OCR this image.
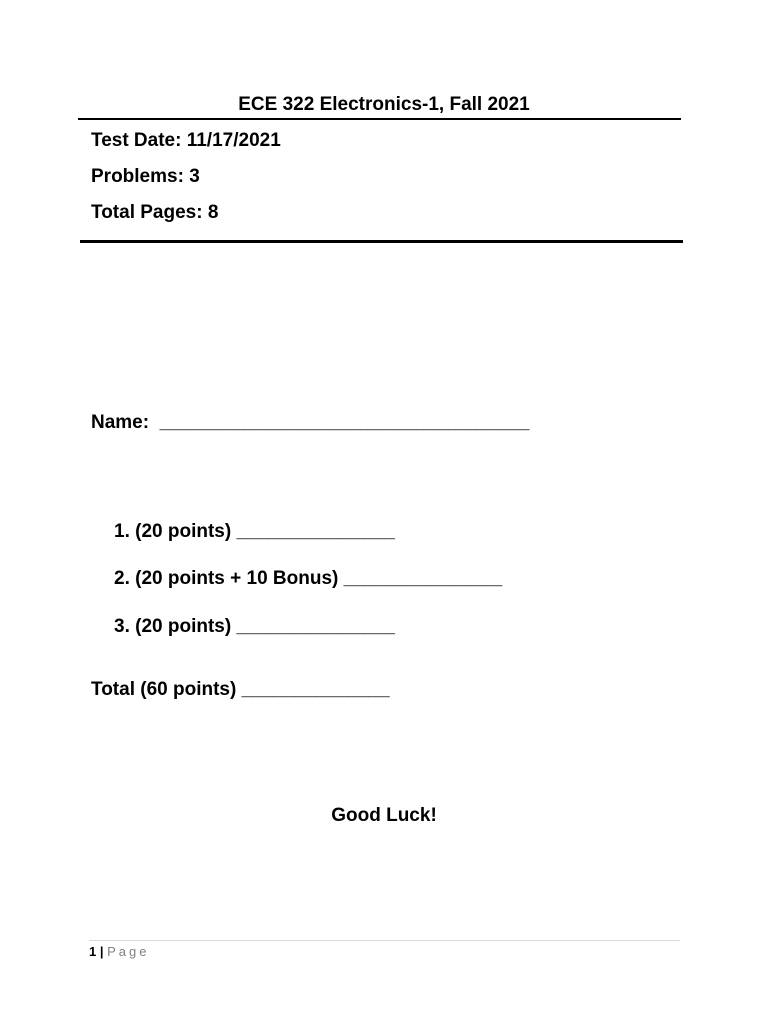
ECE 322 Electronics-1, Fall 2021
Test Date: 11/17/2021
Problems: 3
Total Pages: 8
Name:  ___________________________________
1. (20 points) _______________
2. (20 points + 10 Bonus) _______________
3. (20 points) _______________
Total (60 points) ______________
Good Luck!
1 | Page
